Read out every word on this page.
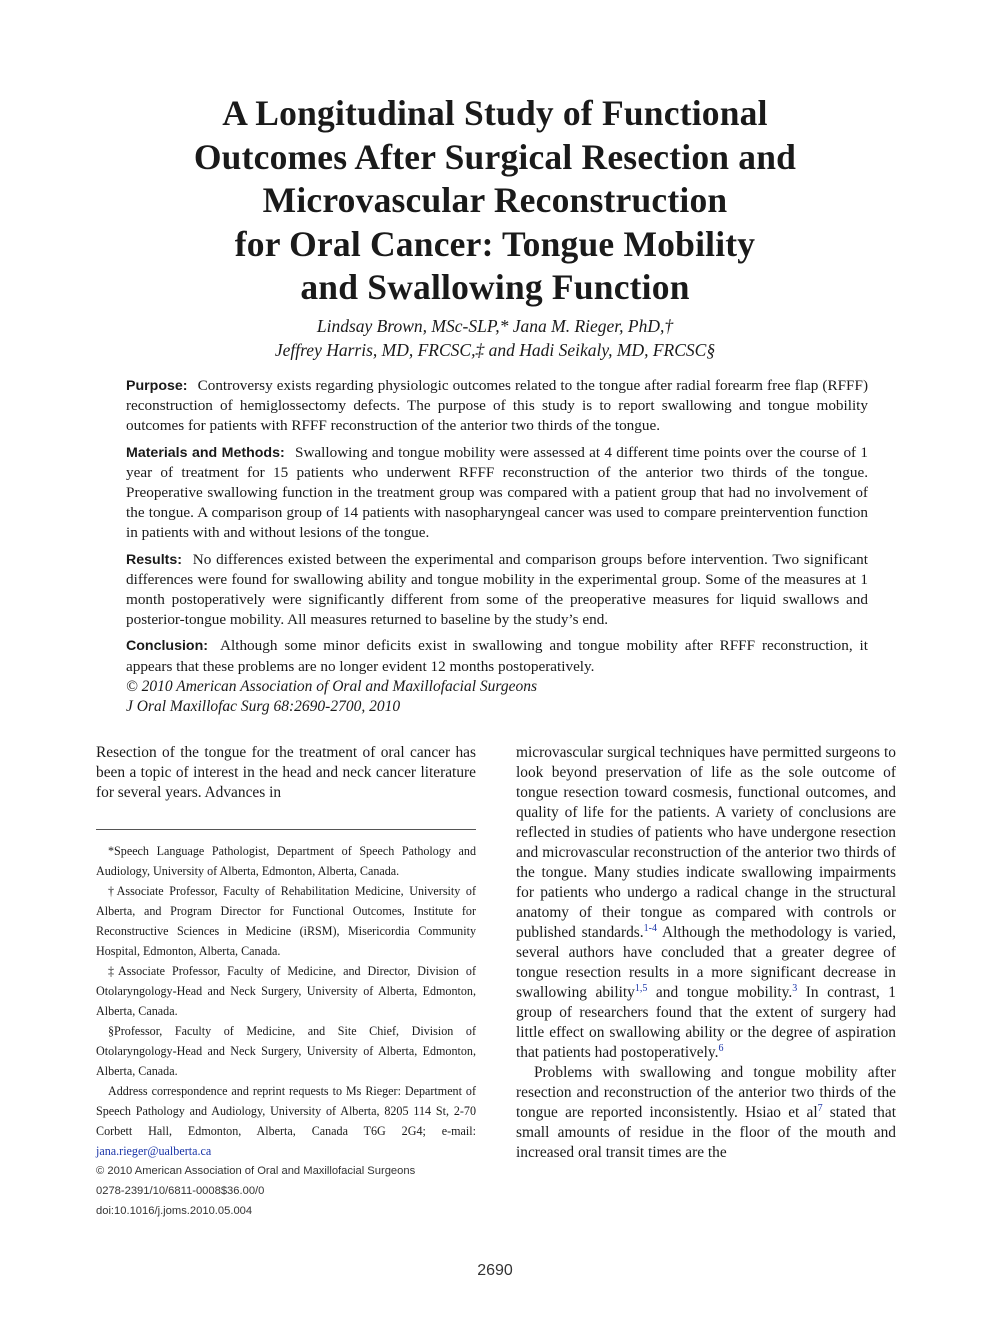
A Longitudinal Study of Functional
Outcomes After Surgical Resection and
Microvascular Reconstruction
for Oral Cancer: Tongue Mobility
and Swallowing Function
Lindsay Brown, MSc-SLP,* Jana M. Rieger, PhD,†
Jeffrey Harris, MD, FRCSC,‡ and Hadi Seikaly, MD, FRCSC§

Purpose: Controversy exists regarding physiologic outcomes related to the tongue after radial forearm free flap (RFFF) reconstruction of hemiglossectomy defects. The purpose of this study is to report swallowing and tongue mobility outcomes for patients with RFFF reconstruction of the anterior two thirds of the tongue.

Materials and Methods: Swallowing and tongue mobility were assessed at 4 different time points over the course of 1 year of treatment for 15 patients who underwent RFFF reconstruction of the anterior two thirds of the tongue. Preoperative swallowing function in the treatment group was compared with a patient group that had no involvement of the tongue. A comparison group of 14 patients with nasopharyngeal cancer was used to compare preintervention function in patients with and without lesions of the tongue.

Results: No differences existed between the experimental and comparison groups before intervention. Two significant differences were found for swallowing ability and tongue mobility in the experimental group. Some of the measures at 1 month postoperatively were significantly different from some of the preoperative measures for liquid swallows and posterior-tongue mobility. All measures returned to baseline by the study’s end.

Conclusion: Although some minor deficits exist in swallowing and tongue mobility after RFFF reconstruction, it appears that these problems are no longer evident 12 months postoperatively.

© 2010 American Association of Oral and Maxillofacial Surgeons
J Oral Maxillofac Surg 68:2690-2700, 2010

Resection of the tongue for the treatment of oral cancer has been a topic of interest in the head and neck cancer literature for several years. Advances in

*Speech Language Pathologist, Department of Speech Pathology and Audiology, University of Alberta, Edmonton, Alberta, Canada.

†Associate Professor, Faculty of Rehabilitation Medicine, University of Alberta, and Program Director for Functional Outcomes, Institute for Reconstructive Sciences in Medicine (iRSM), Misericordia Community Hospital, Edmonton, Alberta, Canada.

‡Associate Professor, Faculty of Medicine, and Director, Division of Otolaryngology-Head and Neck Surgery, University of Alberta, Edmonton, Alberta, Canada.

§Professor, Faculty of Medicine, and Site Chief, Division of Otolaryngology-Head and Neck Surgery, University of Alberta, Edmonton, Alberta, Canada.

Address correspondence and reprint requests to Ms Rieger: Department of Speech Pathology and Audiology, University of Alberta, 8205 114 St, 2-70 Corbett Hall, Edmonton, Alberta, Canada T6G 2G4; e-mail: jana.rieger@ualberta.ca

© 2010 American Association of Oral and Maxillofacial Surgeons

0278-2391/10/6811-0008$36.00/0

doi:10.1016/j.joms.2010.05.004

microvascular surgical techniques have permitted surgeons to look beyond preservation of life as the sole outcome of tongue resection toward cosmesis, functional outcomes, and quality of life for the patients. A variety of conclusions are reflected in studies of patients who have undergone resection and microvascular reconstruction of the anterior two thirds of the tongue. Many studies indicate swallowing impairments for patients who undergo a radical change in the structural anatomy of their tongue as compared with controls or published standards.$^{1-4}$ Although the methodology is varied, several authors have concluded that a greater degree of tongue resection results in a more significant decrease in swallowing ability$^{1,5}$ and tongue mobility.$^3$ In contrast, 1 group of researchers found that the extent of surgery had little effect on swallowing ability or the degree of aspiration that patients had postoperatively.$^6$

Problems with swallowing and tongue mobility after resection and reconstruction of the anterior two thirds of the tongue are reported inconsistently. Hsiao et al$^7$ stated that small amounts of residue in the floor of the mouth and increased oral transit times are the

2690
